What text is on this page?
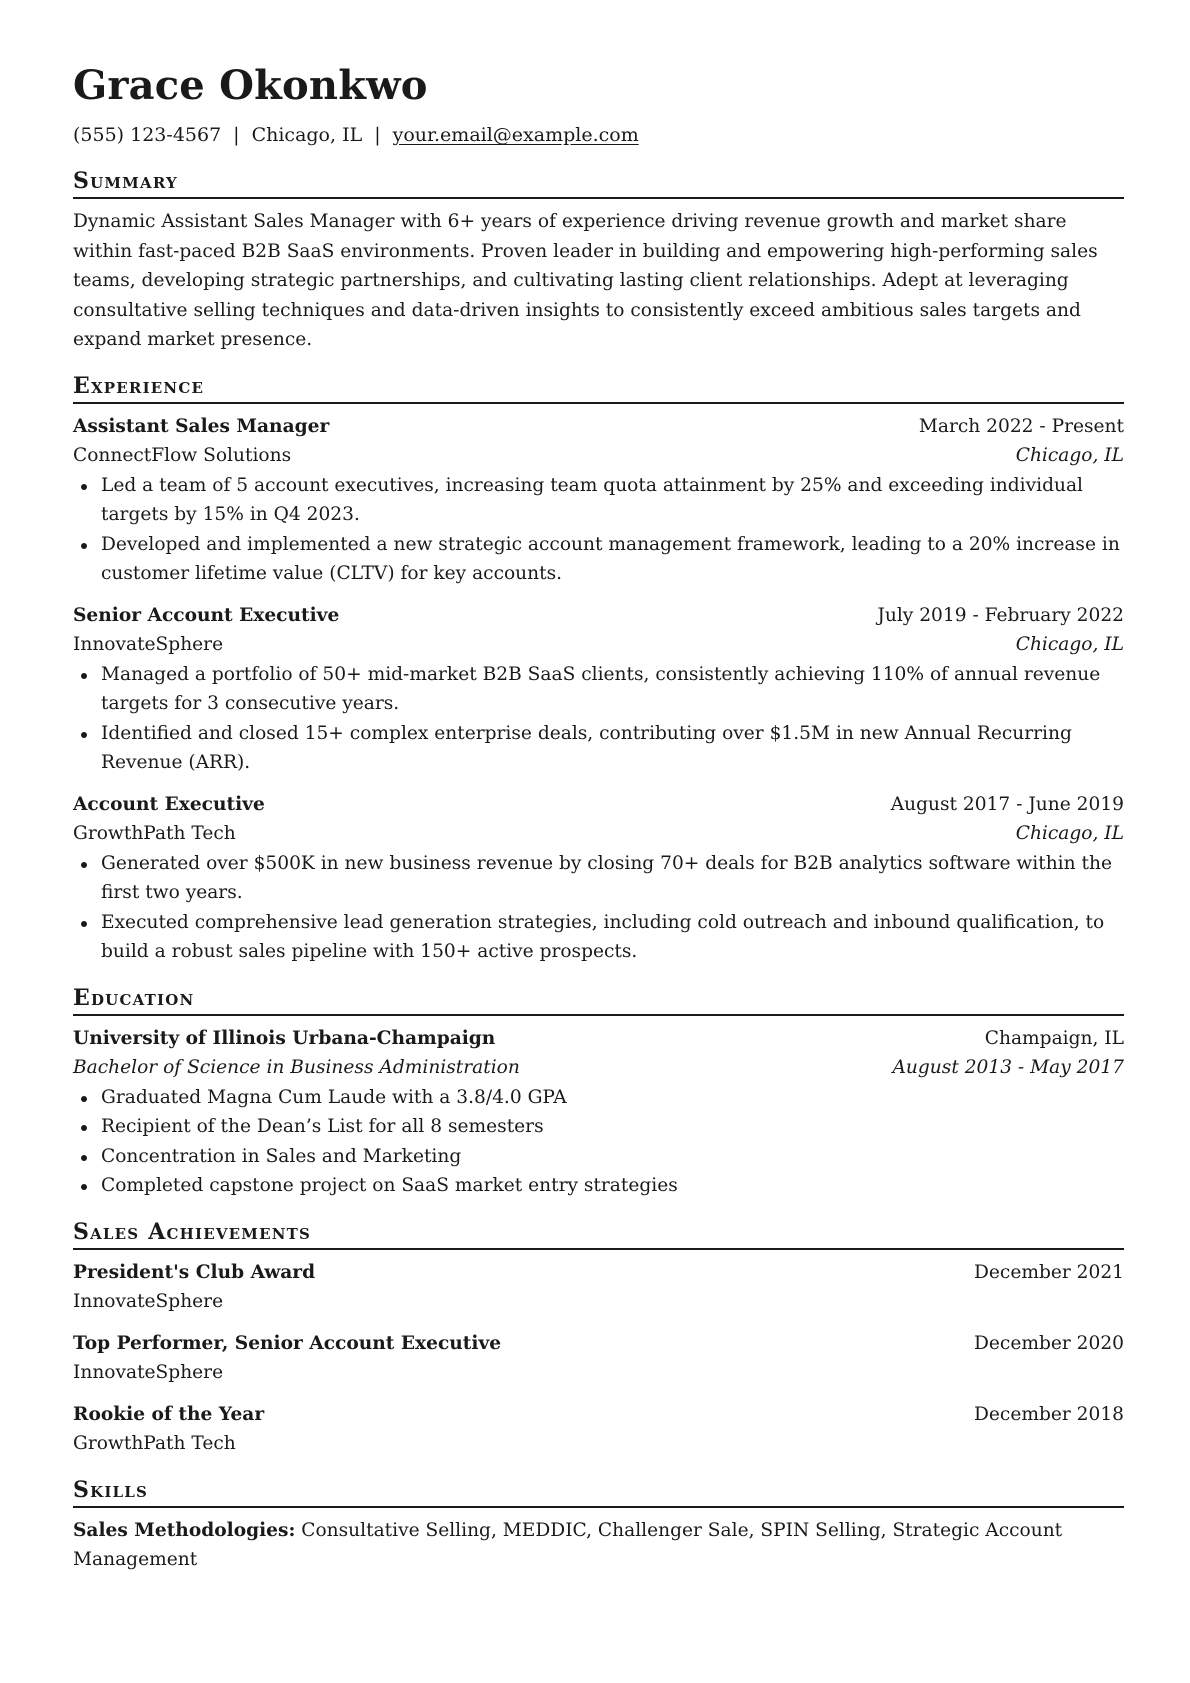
Grace Okonkwo
(555) 123-4567 | Chicago, IL | your.email@example.com
Summary

Dynamic Assistant Sales Manager with 6+ years of experience driving revenue growth and market share within fast-paced B2B SaaS environments. Proven leader in building and empowering high-performing sales teams, developing strategic partnerships, and cultivating lasting client relationships. Adept at leveraging consultative selling techniques and data-driven insights to consistently exceed ambitious sales targets and expand market presence.

Experience
Assistant Sales Manager	March 2022 - Present
ConnectFlow Solutions	Chicago, IL
Led a team of 5 account executives, increasing team quota attainment by 25% and exceeding individual targets by 15% in Q4 2023.
Developed and implemented a new strategic account management framework, leading to a 20% increase in customer lifetime value (CLTV) for key accounts.
Senior Account Executive	July 2019 - February 2022
InnovateSphere	Chicago, IL
Managed a portfolio of 50+ mid-market B2B SaaS clients, consistently achieving 110% of annual revenue targets for 3 consecutive years.
Identified and closed 15+ complex enterprise deals, contributing over $1.5M in new Annual Recurring Revenue (ARR).
Account Executive	August 2017 - June 2019
GrowthPath Tech	Chicago, IL
Generated over $500K in new business revenue by closing 70+ deals for B2B analytics software within the first two years.
Executed comprehensive lead generation strategies, including cold outreach and inbound qualification, to build a robust sales pipeline with 150+ active prospects.
Education
University of Illinois Urbana-Champaign	Champaign, IL
Bachelor of Science in Business Administration	August 2013 - May 2017
Graduated Magna Cum Laude with a 3.8/4.0 GPA
Recipient of the Dean’s List for all 8 semesters
Concentration in Sales and Marketing
Completed capstone project on SaaS market entry strategies
Sales Achievements
President's Club Award	December 2021
InnovateSphere
Top Performer, Senior Account Executive	December 2020
InnovateSphere
Rookie of the Year	December 2018
GrowthPath Tech
Skills
Sales Methodologies: Consultative Selling, MEDDIC, Challenger Sale, SPIN Selling, Strategic Account Management
